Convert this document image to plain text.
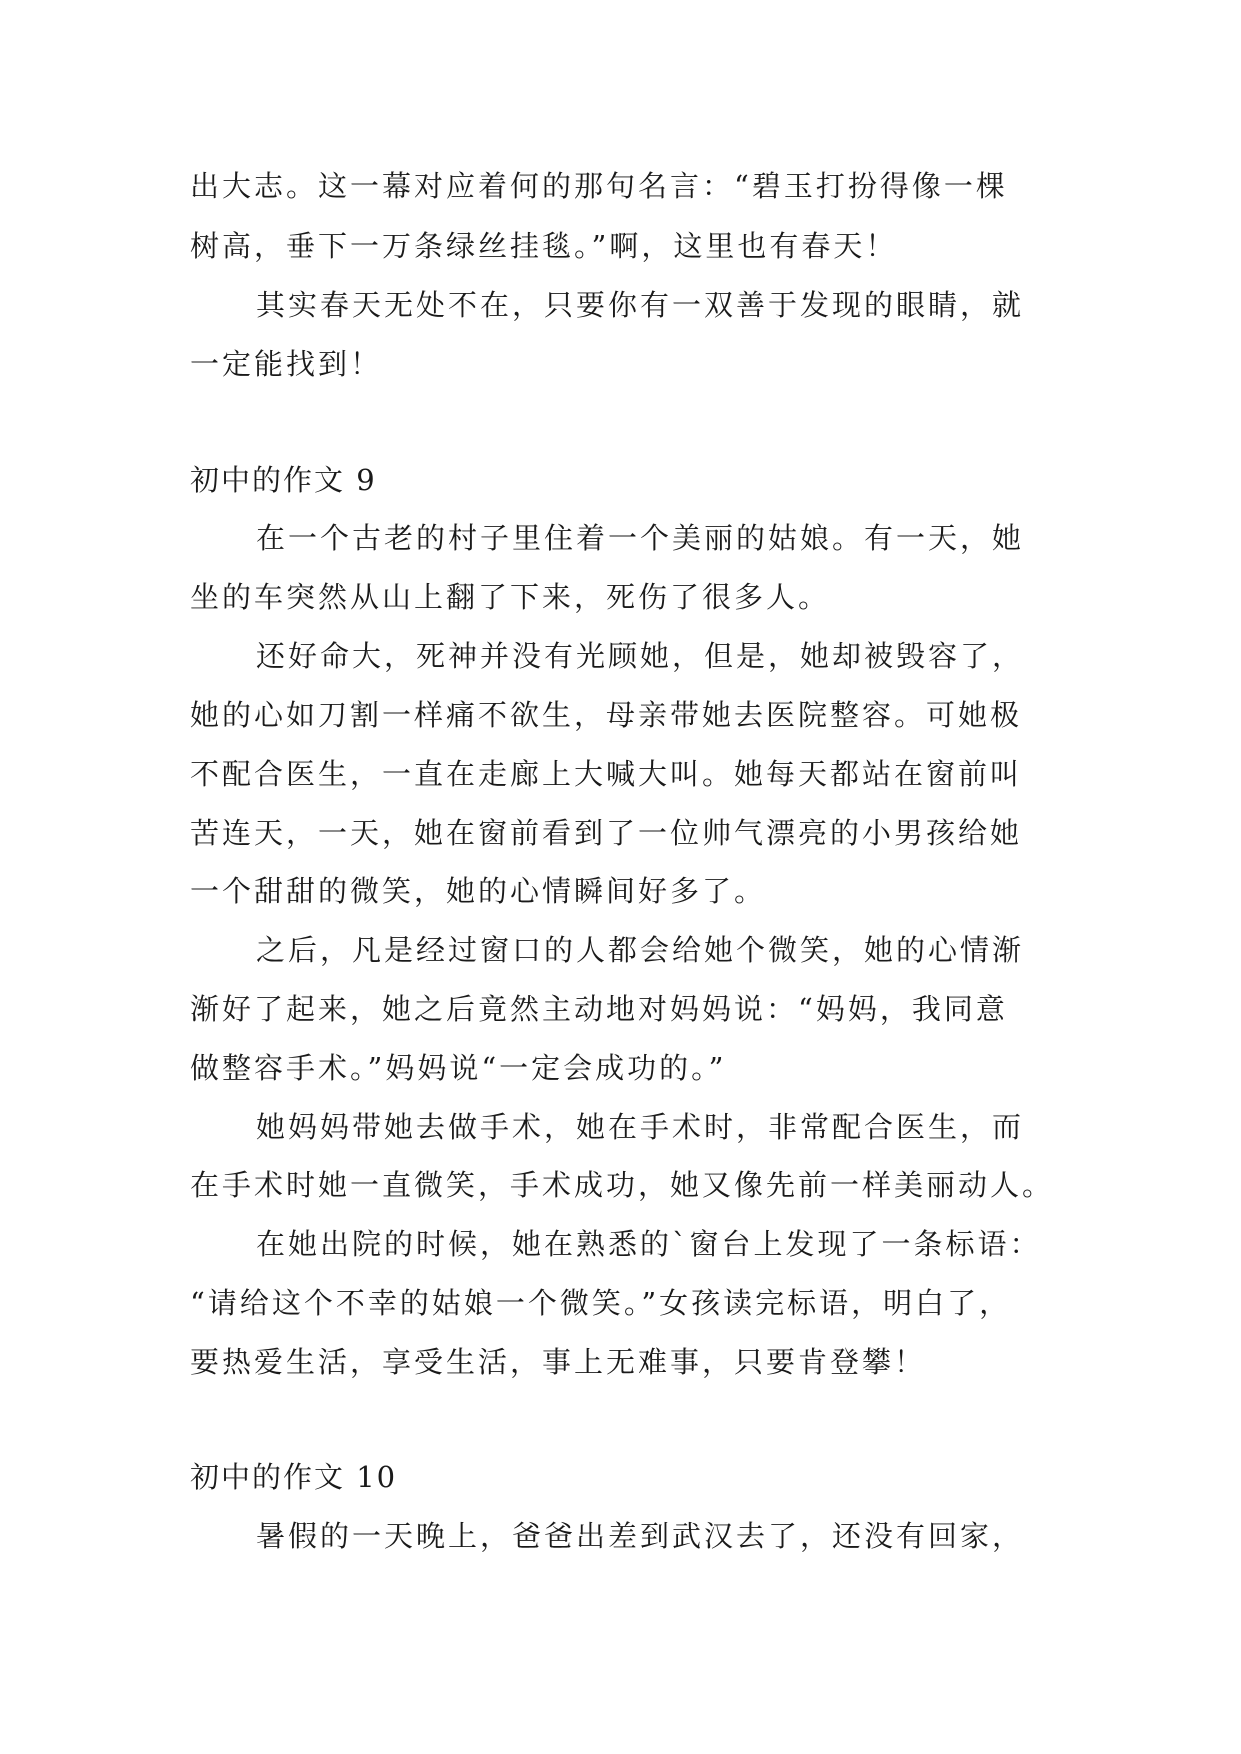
出大志。这一幕对应着何的那句名言：“碧玉打扮得像一棵

树高，垂下一万条绿丝挂毯。”啊，这里也有春天！

其实春天无处不在，只要你有一双善于发现的眼睛，就

一定能找到！

初中的作文 9

在一个古老的村子里住着一个美丽的姑娘。有一天，她

坐的车突然从山上翻了下来，死伤了很多人。

还好命大，死神并没有光顾她，但是，她却被毁容了，

她的心如刀割一样痛不欲生，母亲带她去医院整容。可她极

不配合医生，一直在走廊上大喊大叫。她每天都站在窗前叫

苦连天，一天，她在窗前看到了一位帅气漂亮的小男孩给她

一个甜甜的微笑，她的心情瞬间好多了。

之后，凡是经过窗口的人都会给她个微笑，她的心情渐

渐好了起来，她之后竟然主动地对妈妈说：“妈妈，我同意

做整容手术。”妈妈说“一定会成功的。”

她妈妈带她去做手术，她在手术时，非常配合医生，而

在手术时她一直微笑，手术成功，她又像先前一样美丽动人。

在她出院的时候，她在熟悉的`窗台上发现了一条标语：

“请给这个不幸的姑娘一个微笑。”女孩读完标语，明白了，

要热爱生活，享受生活，事上无难事，只要肯登攀！

初中的作文 10

暑假的一天晚上，爸爸出差到武汉去了，还没有回家，
